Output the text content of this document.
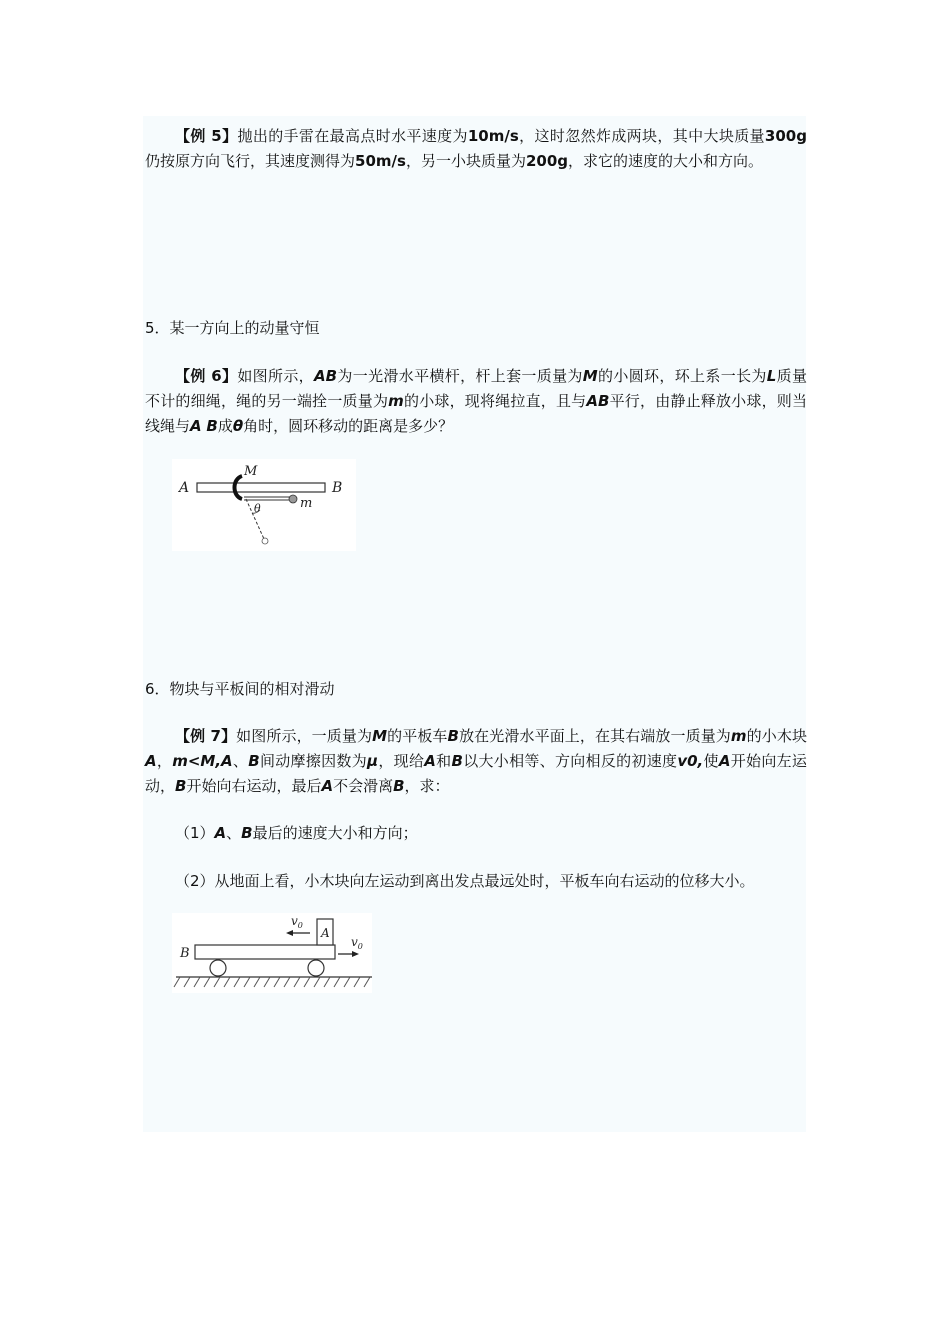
【例 5】抛出的手雷在最高点时水平速度为10m/s，这时忽然炸成两块，其中大块质量300g仍按原方向飞行，其速度测得为50m/s，另一小块质量为200g，求它的速度的大小和方向。

5．某一方向上的动量守恒

【例 6】如图所示，AB为一光滑水平横杆，杆上套一质量为M的小圆环，环上系一长为L质量不计的细绳，绳的另一端拴一质量为m的小球，现将绳拉直，且与AB平行，由静止释放小球，则当线绳与A B成θ角时，圆环移动的距离是多少？

A
M
B
m
θ

6．物块与平板间的相对滑动

【例 7】如图所示，一质量为M的平板车B放在光滑水平面上，在其右端放一质量为m的小木块A，m<M,A、B间动摩擦因数为μ，现给A和B以大小相等、方向相反的初速度v0,使A开始向左运动，B开始向右运动，最后A不会滑离B，求：

（1）A、B最后的速度大小和方向；

（2）从地面上看，小木块向左运动到离出发点最远处时，平板车向右运动的位移大小。

A
$v_0$
$v_0$
B
